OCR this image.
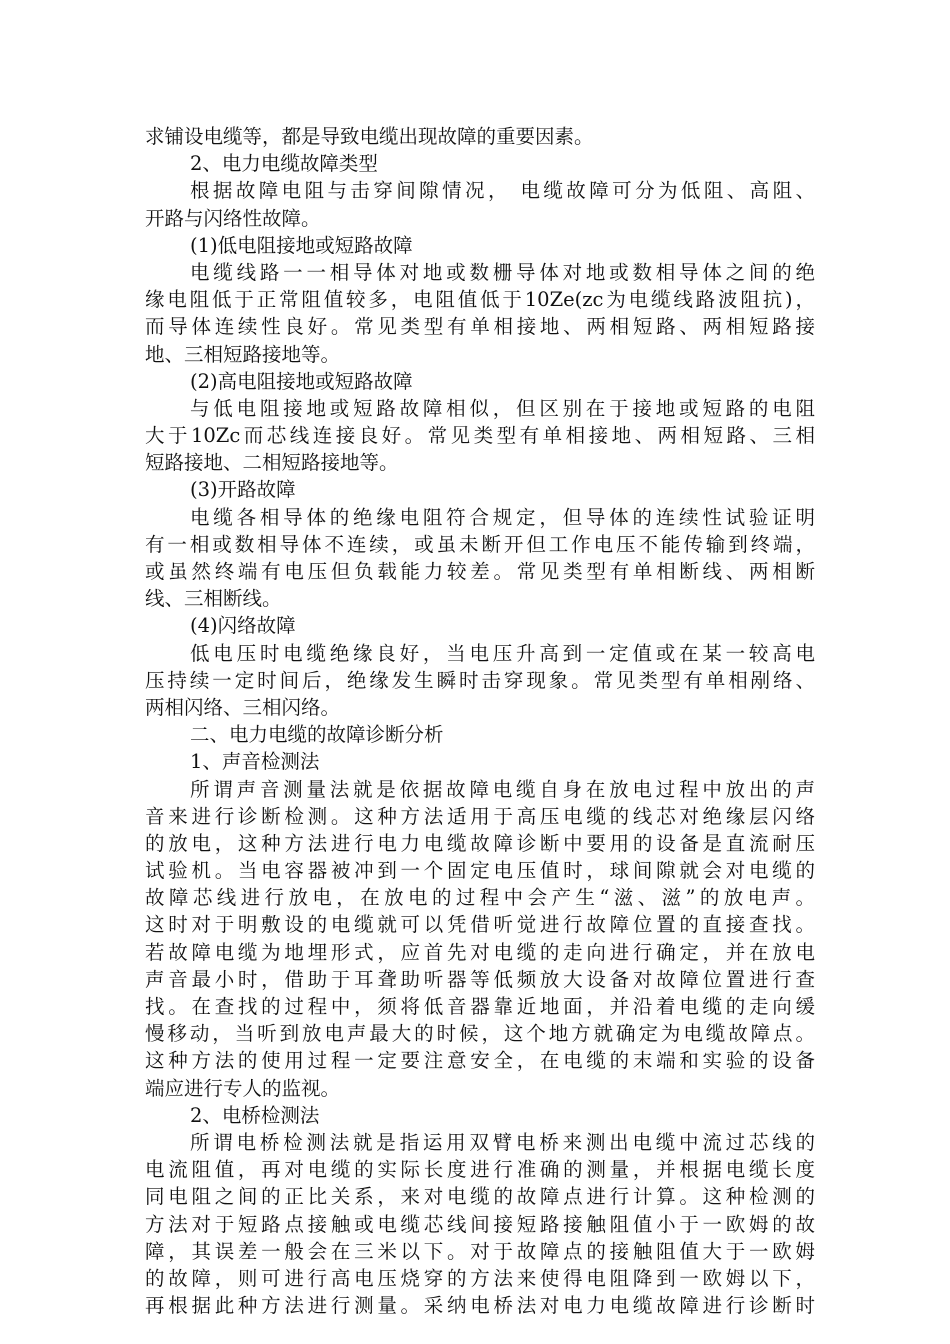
求铺设电缆等，都是导致电缆出现故障的重要因素。
2、电力电缆故障类型
根据故障电阻与击穿间隙情况， 电缆故障可分为低阻、高阻、
开路与闪络性故障。
(1)低电阻接地或短路故障
电缆线路一一相导体对地或数栅导体对地或数相导体之间的绝
缘电阻低于正常阻值较多，电阻值低于10Ze(zc为电缆线路波阻抗)，
而导体连续性良好。常见类型有单相接地、两相短路、两相短路接
地、三相短路接地等。
(2)高电阻接地或短路故障
与低电阻接地或短路故障相似，但区别在于接地或短路的电阻
大于10Zc而芯线连接良好。常见类型有单相接地、两相短路、三相
短路接地、二相短路接地等。
(3)开路故障
电缆各相导体的绝缘电阻符合规定，但导体的连续性试验证明
有一相或数相导体不连续，或虽未断开但工作电压不能传输到终端，
或虽然终端有电压但负载能力较差。常见类型有单相断线、两相断
线、三相断线。
(4)闪络故障
低电压时电缆绝缘良好，当电压升高到一定值或在某一较高电
压持续一定时间后，绝缘发生瞬时击穿现象。常见类型有单相剐络、
两相闪络、三相闪络。
二、电力电缆的故障诊断分析
1、声音检测法
所谓声音测量法就是依据故障电缆自身在放电过程中放出的声
音来进行诊断检测。这种方法适用于高压电缆的线芯对绝缘层闪络
的放电，这种方法进行电力电缆故障诊断中要用的设备是直流耐压
试验机。当电容器被冲到一个固定电压值时，球间隙就会对电缆的
故障芯线进行放电，在放电的过程中会产生“滋、滋”的放电声。
这时对于明敷设的电缆就可以凭借听觉进行故障位置的直接查找。
若故障电缆为地埋形式，应首先对电缆的走向进行确定，并在放电
声音最小时，借助于耳聋助听器等低频放大设备对故障位置进行查
找。在查找的过程中，须将低音器靠近地面，并沿着电缆的走向缓
慢移动，当听到放电声最大的时候，这个地方就确定为电缆故障点。
这种方法的使用过程一定要注意安全，在电缆的末端和实验的设备
端应进行专人的监视。
2、电桥检测法
所谓电桥检测法就是指运用双臂电桥来测出电缆中流过芯线的
电流阻值，再对电缆的实际长度进行准确的测量，并根据电缆长度
同电阻之间的正比关系，来对电缆的故障点进行计算。这种检测的
方法对于短路点接触或电缆芯线间接短路接触阻值小于一欧姆的故
障，其误差一般会在三米以下。对于故障点的接触阻值大于一欧姆
的故障，则可进行高电压烧穿的方法来使得电阻降到一欧姆以下，
再根据此种方法进行测量。采纳电桥法对电力电缆故障进行诊断时
